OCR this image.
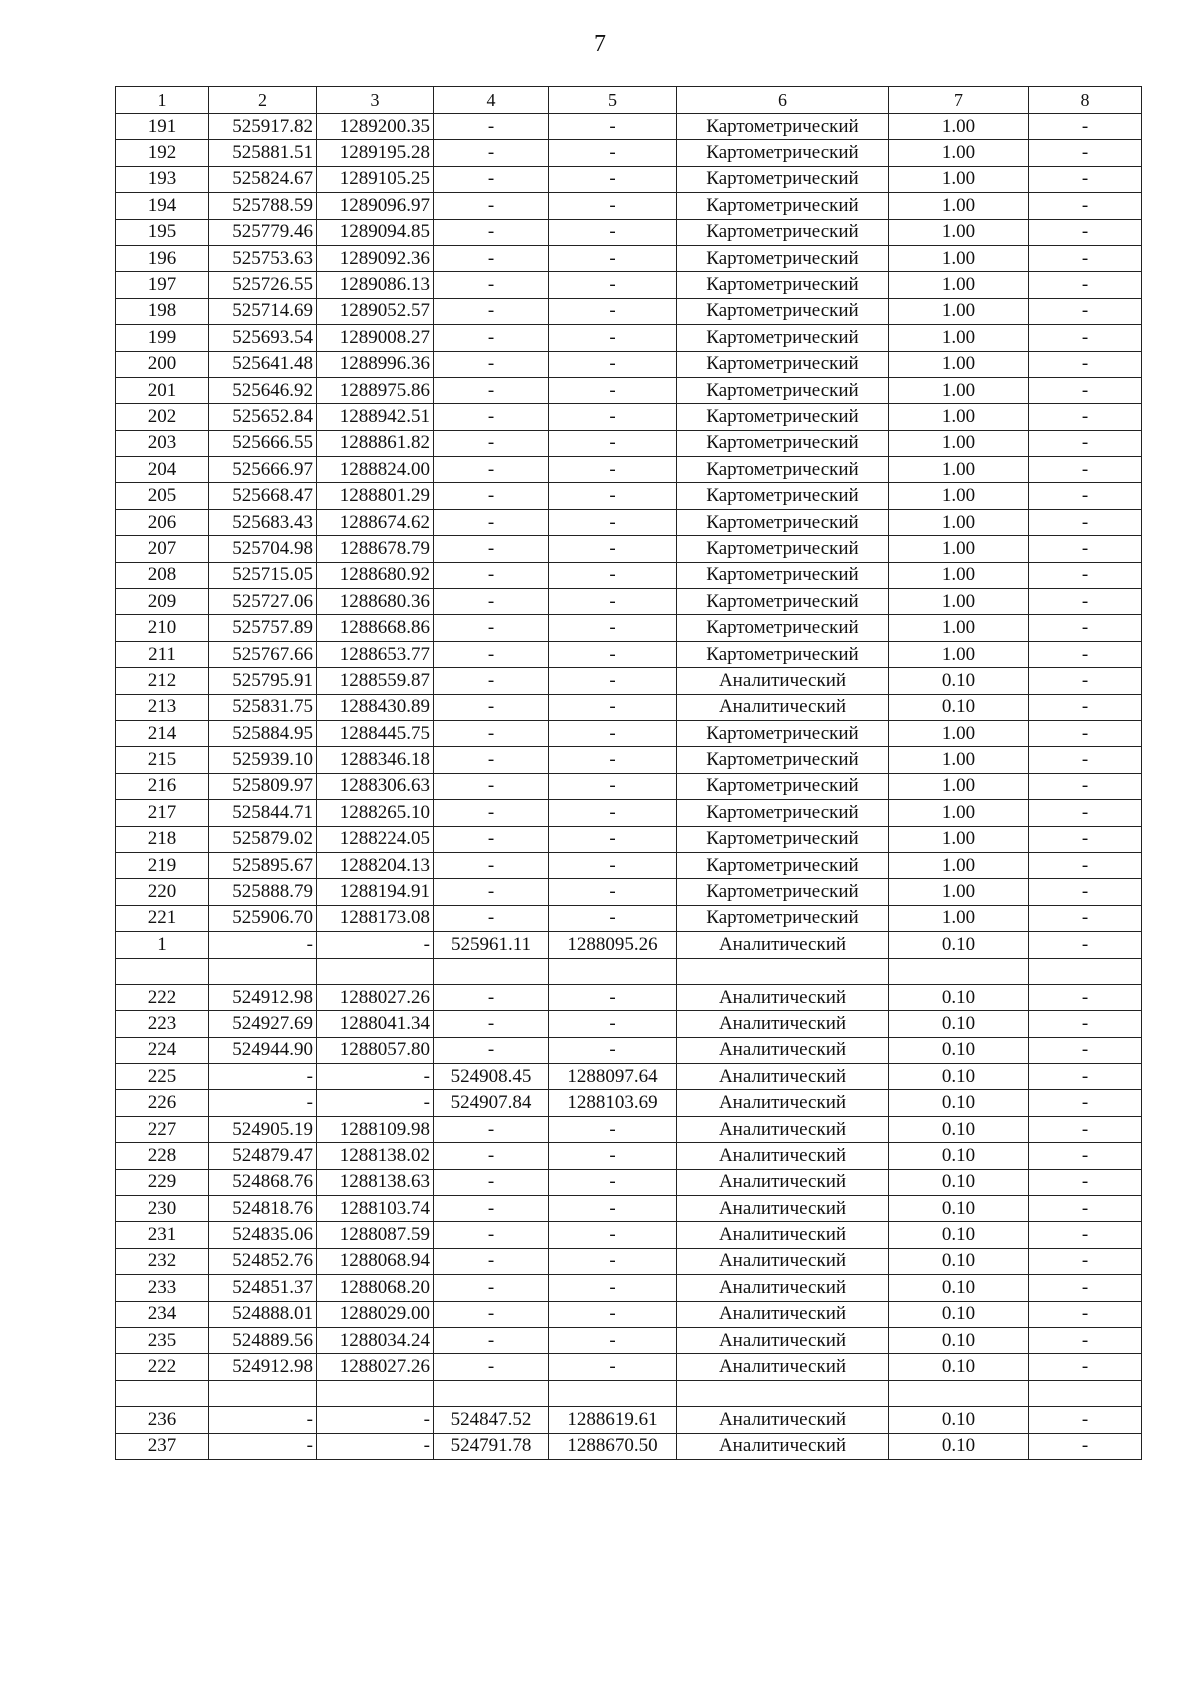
7
1	2	3	4	5	6	7	8
191	525917.82	1289200.35	-	-	Картометрический	1.00	-
192	525881.51	1289195.28	-	-	Картометрический	1.00	-
193	525824.67	1289105.25	-	-	Картометрический	1.00	-
194	525788.59	1289096.97	-	-	Картометрический	1.00	-
195	525779.46	1289094.85	-	-	Картометрический	1.00	-
196	525753.63	1289092.36	-	-	Картометрический	1.00	-
197	525726.55	1289086.13	-	-	Картометрический	1.00	-
198	525714.69	1289052.57	-	-	Картометрический	1.00	-
199	525693.54	1289008.27	-	-	Картометрический	1.00	-
200	525641.48	1288996.36	-	-	Картометрический	1.00	-
201	525646.92	1288975.86	-	-	Картометрический	1.00	-
202	525652.84	1288942.51	-	-	Картометрический	1.00	-
203	525666.55	1288861.82	-	-	Картометрический	1.00	-
204	525666.97	1288824.00	-	-	Картометрический	1.00	-
205	525668.47	1288801.29	-	-	Картометрический	1.00	-
206	525683.43	1288674.62	-	-	Картометрический	1.00	-
207	525704.98	1288678.79	-	-	Картометрический	1.00	-
208	525715.05	1288680.92	-	-	Картометрический	1.00	-
209	525727.06	1288680.36	-	-	Картометрический	1.00	-
210	525757.89	1288668.86	-	-	Картометрический	1.00	-
211	525767.66	1288653.77	-	-	Картометрический	1.00	-
212	525795.91	1288559.87	-	-	Аналитический	0.10	-
213	525831.75	1288430.89	-	-	Аналитический	0.10	-
214	525884.95	1288445.75	-	-	Картометрический	1.00	-
215	525939.10	1288346.18	-	-	Картометрический	1.00	-
216	525809.97	1288306.63	-	-	Картометрический	1.00	-
217	525844.71	1288265.10	-	-	Картометрический	1.00	-
218	525879.02	1288224.05	-	-	Картометрический	1.00	-
219	525895.67	1288204.13	-	-	Картометрический	1.00	-
220	525888.79	1288194.91	-	-	Картометрический	1.00	-
221	525906.70	1288173.08	-	-	Картометрический	1.00	-
1	-	-	525961.11	1288095.26	Аналитический	0.10	-

222	524912.98	1288027.26	-	-	Аналитический	0.10	-
223	524927.69	1288041.34	-	-	Аналитический	0.10	-
224	524944.90	1288057.80	-	-	Аналитический	0.10	-
225	-	-	524908.45	1288097.64	Аналитический	0.10	-
226	-	-	524907.84	1288103.69	Аналитический	0.10	-
227	524905.19	1288109.98	-	-	Аналитический	0.10	-
228	524879.47	1288138.02	-	-	Аналитический	0.10	-
229	524868.76	1288138.63	-	-	Аналитический	0.10	-
230	524818.76	1288103.74	-	-	Аналитический	0.10	-
231	524835.06	1288087.59	-	-	Аналитический	0.10	-
232	524852.76	1288068.94	-	-	Аналитический	0.10	-
233	524851.37	1288068.20	-	-	Аналитический	0.10	-
234	524888.01	1288029.00	-	-	Аналитический	0.10	-
235	524889.56	1288034.24	-	-	Аналитический	0.10	-
222	524912.98	1288027.26	-	-	Аналитический	0.10	-

236	-	-	524847.52	1288619.61	Аналитический	0.10	-
237	-	-	524791.78	1288670.50	Аналитический	0.10	-
